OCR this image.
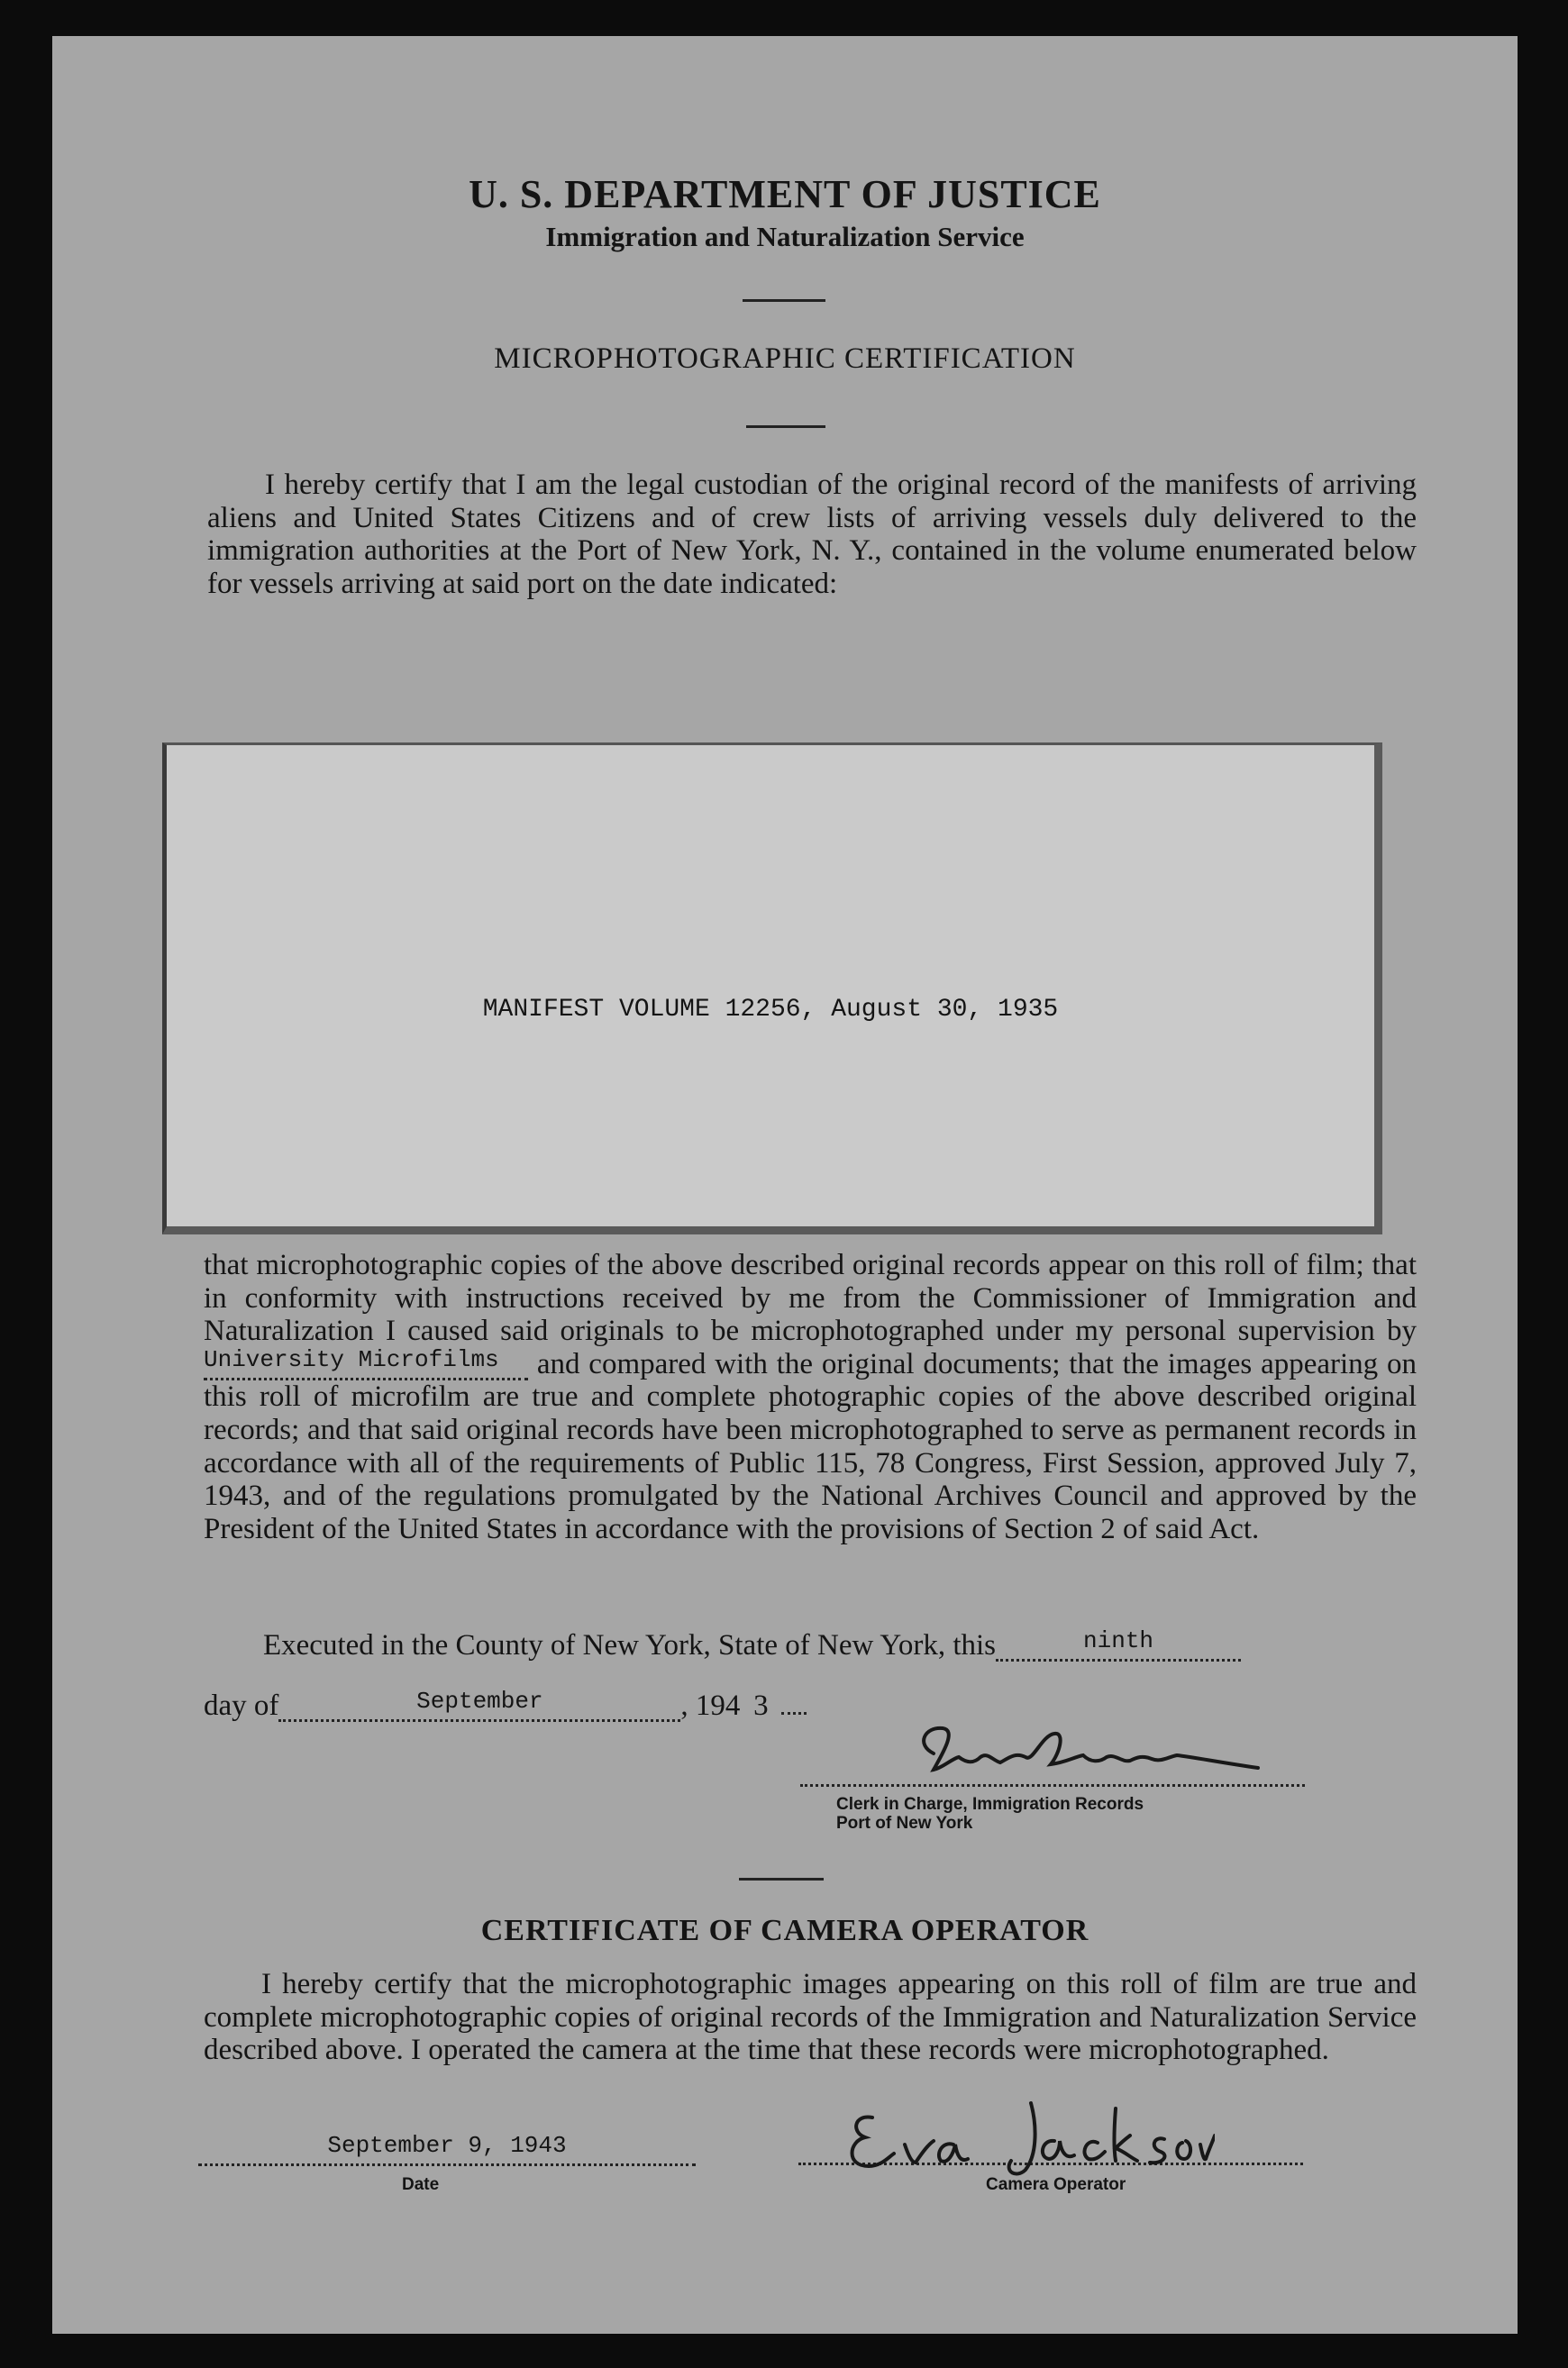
U. S. DEPARTMENT OF JUSTICE
Immigration and Naturalization Service
MICROPHOTOGRAPHIC CERTIFICATION
I hereby certify that I am the legal custodian of the original record of the manifests of arriving aliens and United States Citizens and of crew lists of arriving vessels duly delivered to the immigration authorities at the Port of New York, N. Y., contained in the volume enumerated below for vessels arriving at said port on the date indicated:
MANIFEST VOLUME 12256, August 30, 1935
that microphotographic copies of the above described original records appear on this roll of film; that in conformity with instructions received by me from the Commissioner of Immigration and Naturalization I caused said originals to be microphotographed under my personal supervision by $^{University Microfilms}$ and compared with the original documents; that the images appearing on this roll of microfilm are true and complete photographic copies of the above described original records; and that said original records have been microphotographed to serve as permanent records in accordance with all of the requirements of Public 115, 78 Congress, First Session, approved July 7, 1943, and of the regulations promulgated by the National Archives Council and approved by the President of the United States in accordance with the provisions of Section 2 of said Act.
Executed in the County of New York, State of New York, this	$^{ninth}$
day of	$^{September}$	, 194 3
Clerk in Charge, Immigration Records
Port of New York
CERTIFICATE OF CAMERA OPERATOR
I hereby certify that the microphotographic images appearing on this roll of film are true and complete microphotographic copies of original records of the Immigration and Naturalization Service described above. I operated the camera at the time that these records were microphotographed.
$^{September 9, 1943}$
Date	Camera Operator
